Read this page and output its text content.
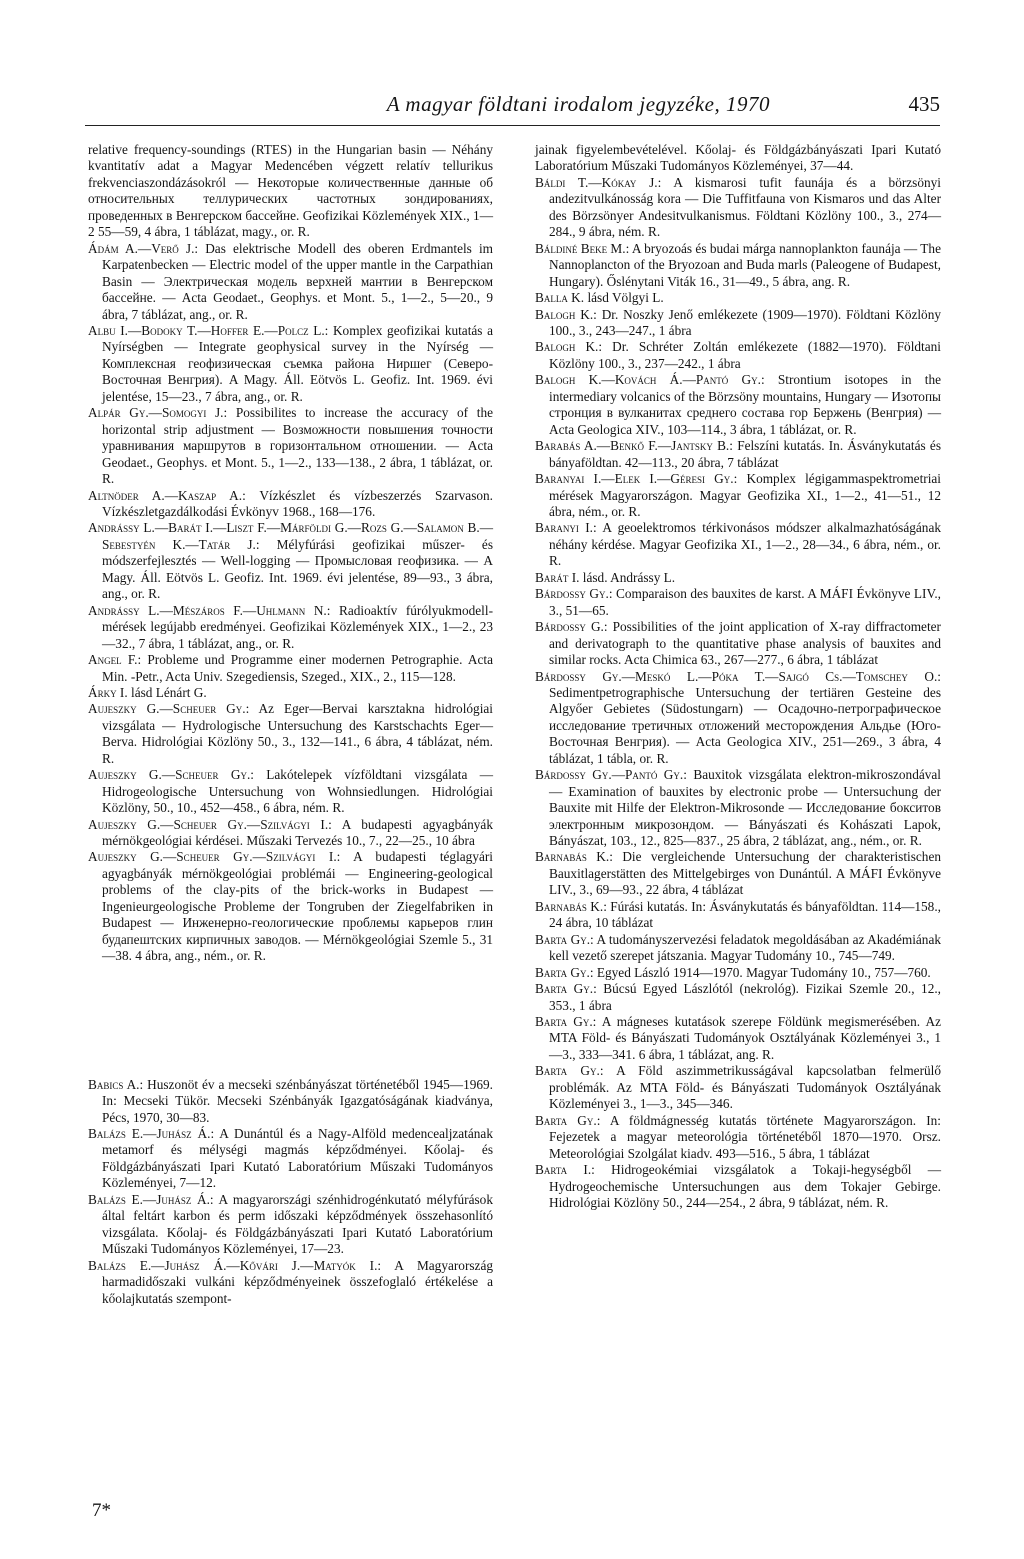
A magyar földtani irodalom jegyzéke, 1970	435

relative frequency-soundings (RTES) in the Hungarian basin — Néhány kvantitatív adat a Magyar Medencében végzett relatív tellurikus frekvenciaszondázásokról — Некоторые количественные данные об относительных теллурических частотных зондированиях, проведенных в Венгерском бассейне. Geofizikai Közlemények XIX., 1—2 55—59, 4 ábra, 1 táblázat, magy., or. R.

Ádám A.—Verő J.: Das elektrische Modell des oberen Erdmantels im Karpatenbecken — Electric model of the upper mantle in the Carpathian Basin — Электрическая модель верхней мантии в Венгерском бассейне. — Acta Geodaet., Geophys. et Mont. 5., 1—2., 5—20., 9 ábra, 7 táblázat, ang., or. R.

Albu I.—Bodoky T.—Hoffer E.—Polcz L.: Komplex geofizikai kutatás a Nyírségben — Integrate geophysical survey in the Nyírség — Комплексная геофизическая съемка района Ниршег (Северо-Восточная Венгрия). A Magy. Áll. Eötvös L. Geofiz. Int. 1969. évi jelentése, 15—23., 7 ábra, ang., or. R.

Alpár Gy.—Somogyi J.: Possibilites to increase the accuracy of the horizontal strip adjustment — Возможности повышения точности уравнивания маршрутов в горизонтальном отношении. — Acta Geodaet., Geophys. et Mont. 5., 1—2., 133—138., 2 ábra, 1 táblázat, or. R.

Altnöder A.—Kaszap A.: Vízkészlet és vízbeszerzés Szarvason. Vízkészletgazdálkodási Évkönyv 1968., 168—176.

Andrássy L.—Barát I.—Liszt F.—Márföldi G.—Rozs G.—Salamon B.—Sebestyén K.—Tatár J.: Mélyfúrási geofizikai műszer- és módszerfejlesztés — Well-logging — Промысловая геофизика. — A Magy. Áll. Eötvös L. Geofiz. Int. 1969. évi jelentése, 89—93., 3 ábra, ang., or. R.

Andrássy L.—Mészáros F.—Uhlmann N.: Radioaktív fúrólyukmodell-mérések legújabb eredményei. Geofizikai Közlemények XIX., 1—2., 23—32., 7 ábra, 1 táblázat, ang., or. R.

Angel F.: Probleme und Programme einer modernen Petrographie. Acta Min. -Petr., Acta Univ. Szegediensis, Szeged., XIX., 2., 115—128.

Árky I. lásd Lénárt G.

Aujeszky G.—Scheuer Gy.: Az Eger—Bervai karsztakna hidrológiai vizsgálata — Hydrologische Untersuchung des Karstschachts Eger—Berva. Hidrológiai Közlöny 50., 3., 132—141., 6 ábra, 4 táblázat, ném. R.

Aujeszky G.—Scheuer Gy.: Lakótelepek vízföldtani vizsgálata — Hidrogeologische Untersuchung von Wohnsiedlungen. Hidrológiai Közlöny, 50., 10., 452—458., 6 ábra, ném. R.

Aujeszky G.—Scheuer Gy.—Szilvágyi I.: A budapesti agyagbányák mérnökgeológiai kérdései. Műszaki Tervezés 10., 7., 22—25., 10 ábra

Aujeszky G.—Scheuer Gy.—Szilvágyi I.: A budapesti téglagyári agyagbányák mérnökgeológiai problémái — Engineering-geological problems of the clay-pits of the brick-works in Budapest — Ingenieurgeologische Probleme der Tongruben der Ziegelfabriken in Budapest — Инженерно-геологические проблемы карьеров глин будапештских кирпичных заводов. — Mérnökgeológiai Szemle 5., 31—38. 4 ábra, ang., ném., or. R.

Babics A.: Huszonöt év a mecseki szénbányászat történetéből 1945—1969. In: Mecseki Tükör. Mecseki Szénbányák Igazgatóságának kiadványa, Pécs, 1970, 30—83.

Balázs E.—Juhász Á.: A Dunántúl és a Nagy-Alföld medencealjzatának metamorf és mélységi magmás képződményei. Kőolaj- és Földgázbányászati Ipari Kutató Laboratórium Műszaki Tudományos Közleményei, 7—12.

Balázs E.—Juhász Á.: A magyarországi szénhidrogénkutató mélyfúrások által feltárt karbon és perm időszaki képződmények összehasonlító vizsgálata. Kőolaj- és Földgázbányászati Ipari Kutató Laboratórium Műszaki Tudományos Közleményei, 17—23.

Balázs E.—Juhász Á.—Kővári J.—Matyók I.: A Magyarország harmadidőszaki vulkáni képződményeinek összefoglaló értékelése a kőolajkutatás szempont-

jainak figyelembevételével. Kőolaj- és Földgázbányászati Ipari Kutató Laboratórium Műszaki Tudományos Közleményei, 37—44.

Báldi T.—Kókay J.: A kismarosi tufit faunája és a börzsönyi andezitvulkánosság kora — Die Tuffitfauna von Kismaros und das Alter des Börzsönyer Andesitvulkanismus. Földtani Közlöny 100., 3., 274—284., 9 ábra, ném. R.

Báldiné Beke M.: A bryozoás és budai márga nannoplankton faunája — The Nannoplancton of the Bryozoan and Buda marls (Paleogene of Budapest, Hungary). Őslénytani Viták 16., 31—49., 5 ábra, ang. R.

Balla K. lásd Völgyi L.

Balogh K.: Dr. Noszky Jenő emlékezete (1909—1970). Földtani Közlöny 100., 3., 243—247., 1 ábra

Balogh K.: Dr. Schréter Zoltán emlékezete (1882—1970). Földtani Közlöny 100., 3., 237—242., 1 ábra

Balogh K.—Kovách Á.—Pantó Gy.: Strontium isotopes in the intermediary volcanics of the Börzsöny mountains, Hungary — Изотопы стронция в вулканитах среднего состава гор Бержень (Венгрия) — Acta Geologica XIV., 103—114., 3 ábra, 1 táblázat, or. R.

Barabás A.—Benkő F.—Jantsky B.: Felszíni kutatás. In. Ásványkutatás és bányaföldtan. 42—113., 20 ábra, 7 táblázat

Baranyai I.—Elek I.—Géresi Gy.: Komplex légigammaspektrometriai mérések Magyarországon. Magyar Geofizika XI., 1—2., 41—51., 12 ábra, ném., or. R.

Baranyi I.: A geoelektromos térkivonásos módszer alkalmazhatóságának néhány kérdése. Magyar Geofizika XI., 1—2., 28—34., 6 ábra, ném., or. R.

Barát I. lásd. Andrássy L.

Bárdossy Gy.: Comparaison des bauxites de karst. A MÁFI Évkönyve LIV., 3., 51—65.

Bárdossy G.: Possibilities of the joint application of X-ray diffractometer and derivatograph to the quantitative phase analysis of bauxites and similar rocks. Acta Chimica 63., 267—277., 6 ábra, 1 táblázat

Bárdossy Gy.—Meskó L.—Póka T.—Sajgó Cs.—Tomschey O.: Sedimentpetrographische Untersuchung der tertiären Gesteine des Algyőer Gebietes (Südostungarn) — Осадочно-петрографическое исследование третичных отложений месторождения Альдье (Юго-Восточная Венгрия). — Acta Geologica XIV., 251—269., 3 ábra, 4 táblázat, 1 tábla, or. R.

Bárdossy Gy.—Pantó Gy.: Bauxitok vizsgálata elektron-mikroszondával — Examination of bauxites by electronic probe — Untersuchung der Bauxite mit Hilfe der Elektron-Mikrosonde — Исследование бокситов электронным микрозондом. — Bányászati és Kohászati Lapok, Bányászat, 103., 12., 825—837., 25 ábra, 2 táblázat, ang., ném., or. R.

Barnabás K.: Die vergleichende Untersuchung der charakteristischen Bauxitlagerstätten des Mittelgebirges von Dunántúl. A MÁFI Évkönyve LIV., 3., 69—93., 22 ábra, 4 táblázat

Barnabás K.: Fúrási kutatás. In: Ásványkutatás és bányaföldtan. 114—158., 24 ábra, 10 táblázat

Barta Gy.: A tudományszervezési feladatok megoldásában az Akadémiának kell vezető szerepet játszania. Magyar Tudomány 10., 745—749.

Barta Gy.: Egyed László 1914—1970. Magyar Tudomány 10., 757—760.

Barta Gy.: Búcsú Egyed Lászlótól (nekrológ). Fizikai Szemle 20., 12., 353., 1 ábra

Barta Gy.: A mágneses kutatások szerepe Földünk megismerésében. Az MTA Föld- és Bányászati Tudományok Osztályának Közleményei 3., 1—3., 333—341. 6 ábra, 1 táblázat, ang. R.

Barta Gy.: A Föld aszimmetrikusságával kapcsolatban felmerülő problémák. Az MTA Föld- és Bányászati Tudományok Osztályának Közleményei 3., 1—3., 345—346.

Barta Gy.: A földmágnesség kutatás története Magyarországon. In: Fejezetek a magyar meteorológia történetéből 1870—1970. Orsz. Meteorológiai Szolgálat kiadv. 493—516., 5 ábra, 1 táblázat

Barta I.: Hidrogeokémiai vizsgálatok a Tokaji-hegységből — Hydrogeochemische Untersuchungen aus dem Tokajer Gebirge. Hidrológiai Közlöny 50., 244—254., 2 ábra, 9 táblázat, ném. R.

7*
